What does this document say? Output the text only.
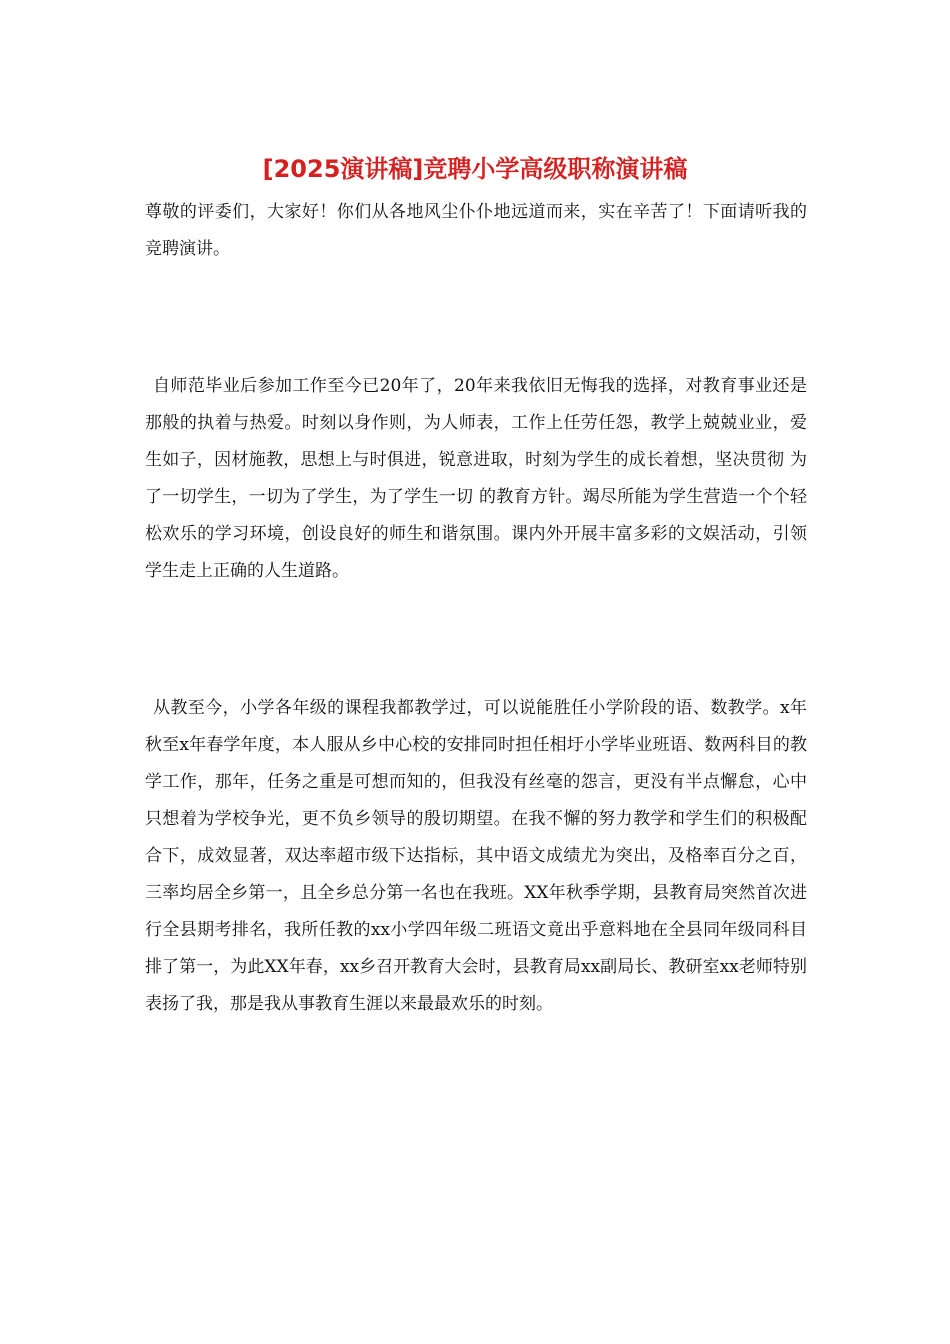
[2025演讲稿]竞聘小学高级职称演讲稿

尊敬的评委们，大家好！你们从各地风尘仆仆地远道而来，实在辛苦了！下面请听我的竞聘演讲。

自师范毕业后参加工作至今已20年了，20年来我依旧无悔我的选择，对教育事业还是那般的执着与热爱。时刻以身作则，为人师表，工作上任劳任怨，教学上兢兢业业，爱生如子，因材施教，思想上与时俱进，锐意进取，时刻为学生的成长着想，坚决贯彻 为了一切学生，一切为了学生，为了学生一切 的教育方针。竭尽所能为学生营造一个个轻松欢乐的学习环境，创设良好的师生和谐氛围。课内外开展丰富多彩的文娱活动，引领学生走上正确的人生道路。

从教至今，小学各年级的课程我都教学过，可以说能胜任小学阶段的语、数教学。x年秋至x年春学年度，本人服从乡中心校的安排同时担任相圩小学毕业班语、数两科目的教学工作，那年，任务之重是可想而知的，但我没有丝毫的怨言，更没有半点懈怠，心中只想着为学校争光，更不负乡领导的殷切期望。在我不懈的努力教学和学生们的积极配合下，成效显著，双达率超市级下达指标，其中语文成绩尤为突出，及格率百分之百，三率均居全乡第一，且全乡总分第一名也在我班。XX年秋季学期，县教育局突然首次进行全县期考排名，我所任教的xx小学四年级二班语文竟出乎意料地在全县同年级同科目排了第一，为此XX年春，xx乡召开教育大会时，县教育局xx副局长、教研室xx老师特别表扬了我，那是我从事教育生涯以来最最欢乐的时刻。
